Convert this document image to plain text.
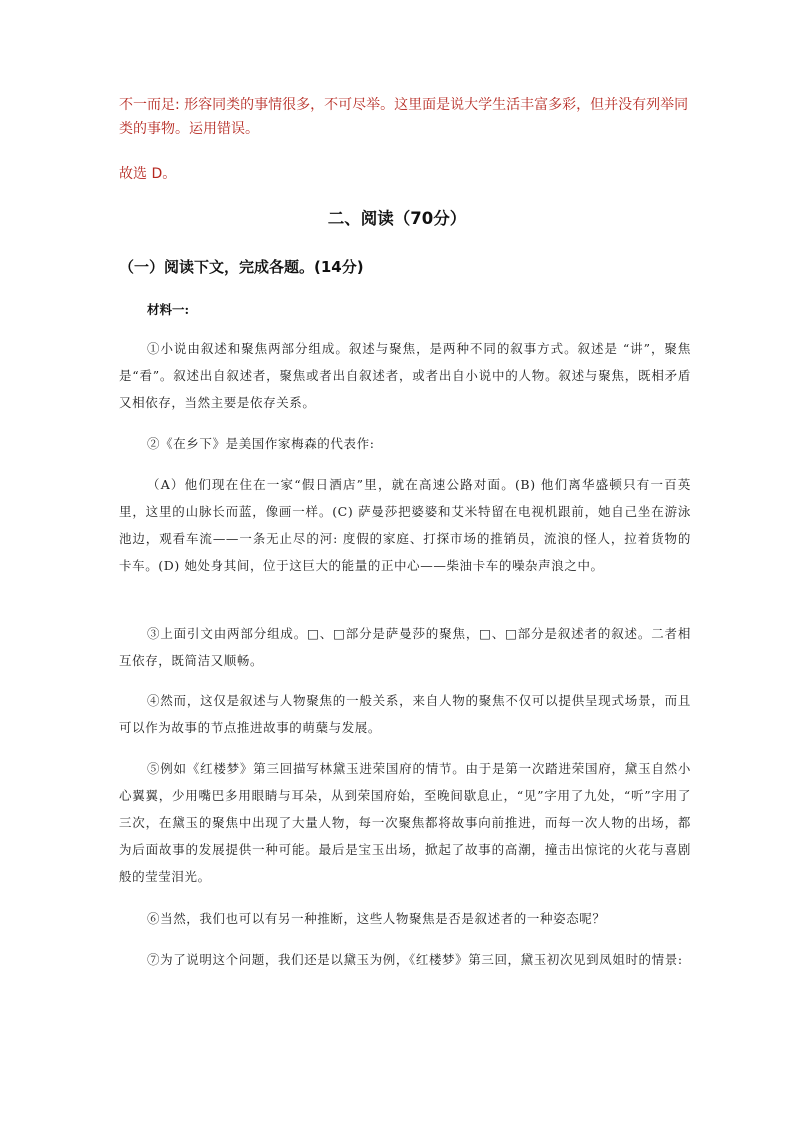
不一而足: 形容同类的事情很多，不可尽举。这里面是说大学生活丰富多彩，但并没有列举同类的事物。运用错误。
故选 D。
二、阅读（70分）
（一）阅读下文，完成各题。(14分)
材料一:
①小说由叙述和聚焦两部分组成。叙述与聚焦，是两种不同的叙事方式。叙述是 “讲”，聚焦是“看”。叙述出自叙述者，聚焦或者出自叙述者，或者出自小说中的人物。叙述与聚焦，既相矛盾又相依存，当然主要是依存关系。
②《在乡下》是美国作家梅森的代表作:
（A）他们现在住在一家“假日酒店”里，就在高速公路对面。(B) 他们离华盛顿只有一百英里，这里的山脉长而蓝，像画一样。(C) 萨曼莎把婆婆和艾米特留在电视机跟前，她自己坐在游泳池边，观看车流——一条无止尽的河: 度假的家庭、打探市场的推销员，流浪的怪人，拉着货物的卡车。(D) 她处身其间，位于这巨大的能量的正中心——柴油卡车的噪杂声浪之中。
③上面引文由两部分组成。□、□部分是萨曼莎的聚焦，□、□部分是叙述者的叙述。二者相互依存，既简洁又顺畅。
④然而，这仅是叙述与人物聚焦的一般关系，来自人物的聚焦不仅可以提供呈现式场景，而且可以作为故事的节点推进故事的萌蘖与发展。
⑤例如《红楼梦》第三回描写林黛玉进荣国府的情节。由于是第一次踏进荣国府，黛玉自然小心翼翼，少用嘴巴多用眼睛与耳朵，从到荣国府始，至晚间歇息止，“见”字用了九处，“听”字用了三次，在黛玉的聚焦中出现了大量人物，每一次聚焦都将故事向前推进，而每一次人物的出场，都为后面故事的发展提供一种可能。最后是宝玉出场，掀起了故事的高潮，撞击出惊诧的火花与喜剧般的莹莹泪光。
⑥当然，我们也可以有另一种推断，这些人物聚焦是否是叙述者的一种姿态呢？
⑦为了说明这个问题，我们还是以黛玉为例，《红楼梦》第三回，黛玉初次见到凤姐时的情景:
